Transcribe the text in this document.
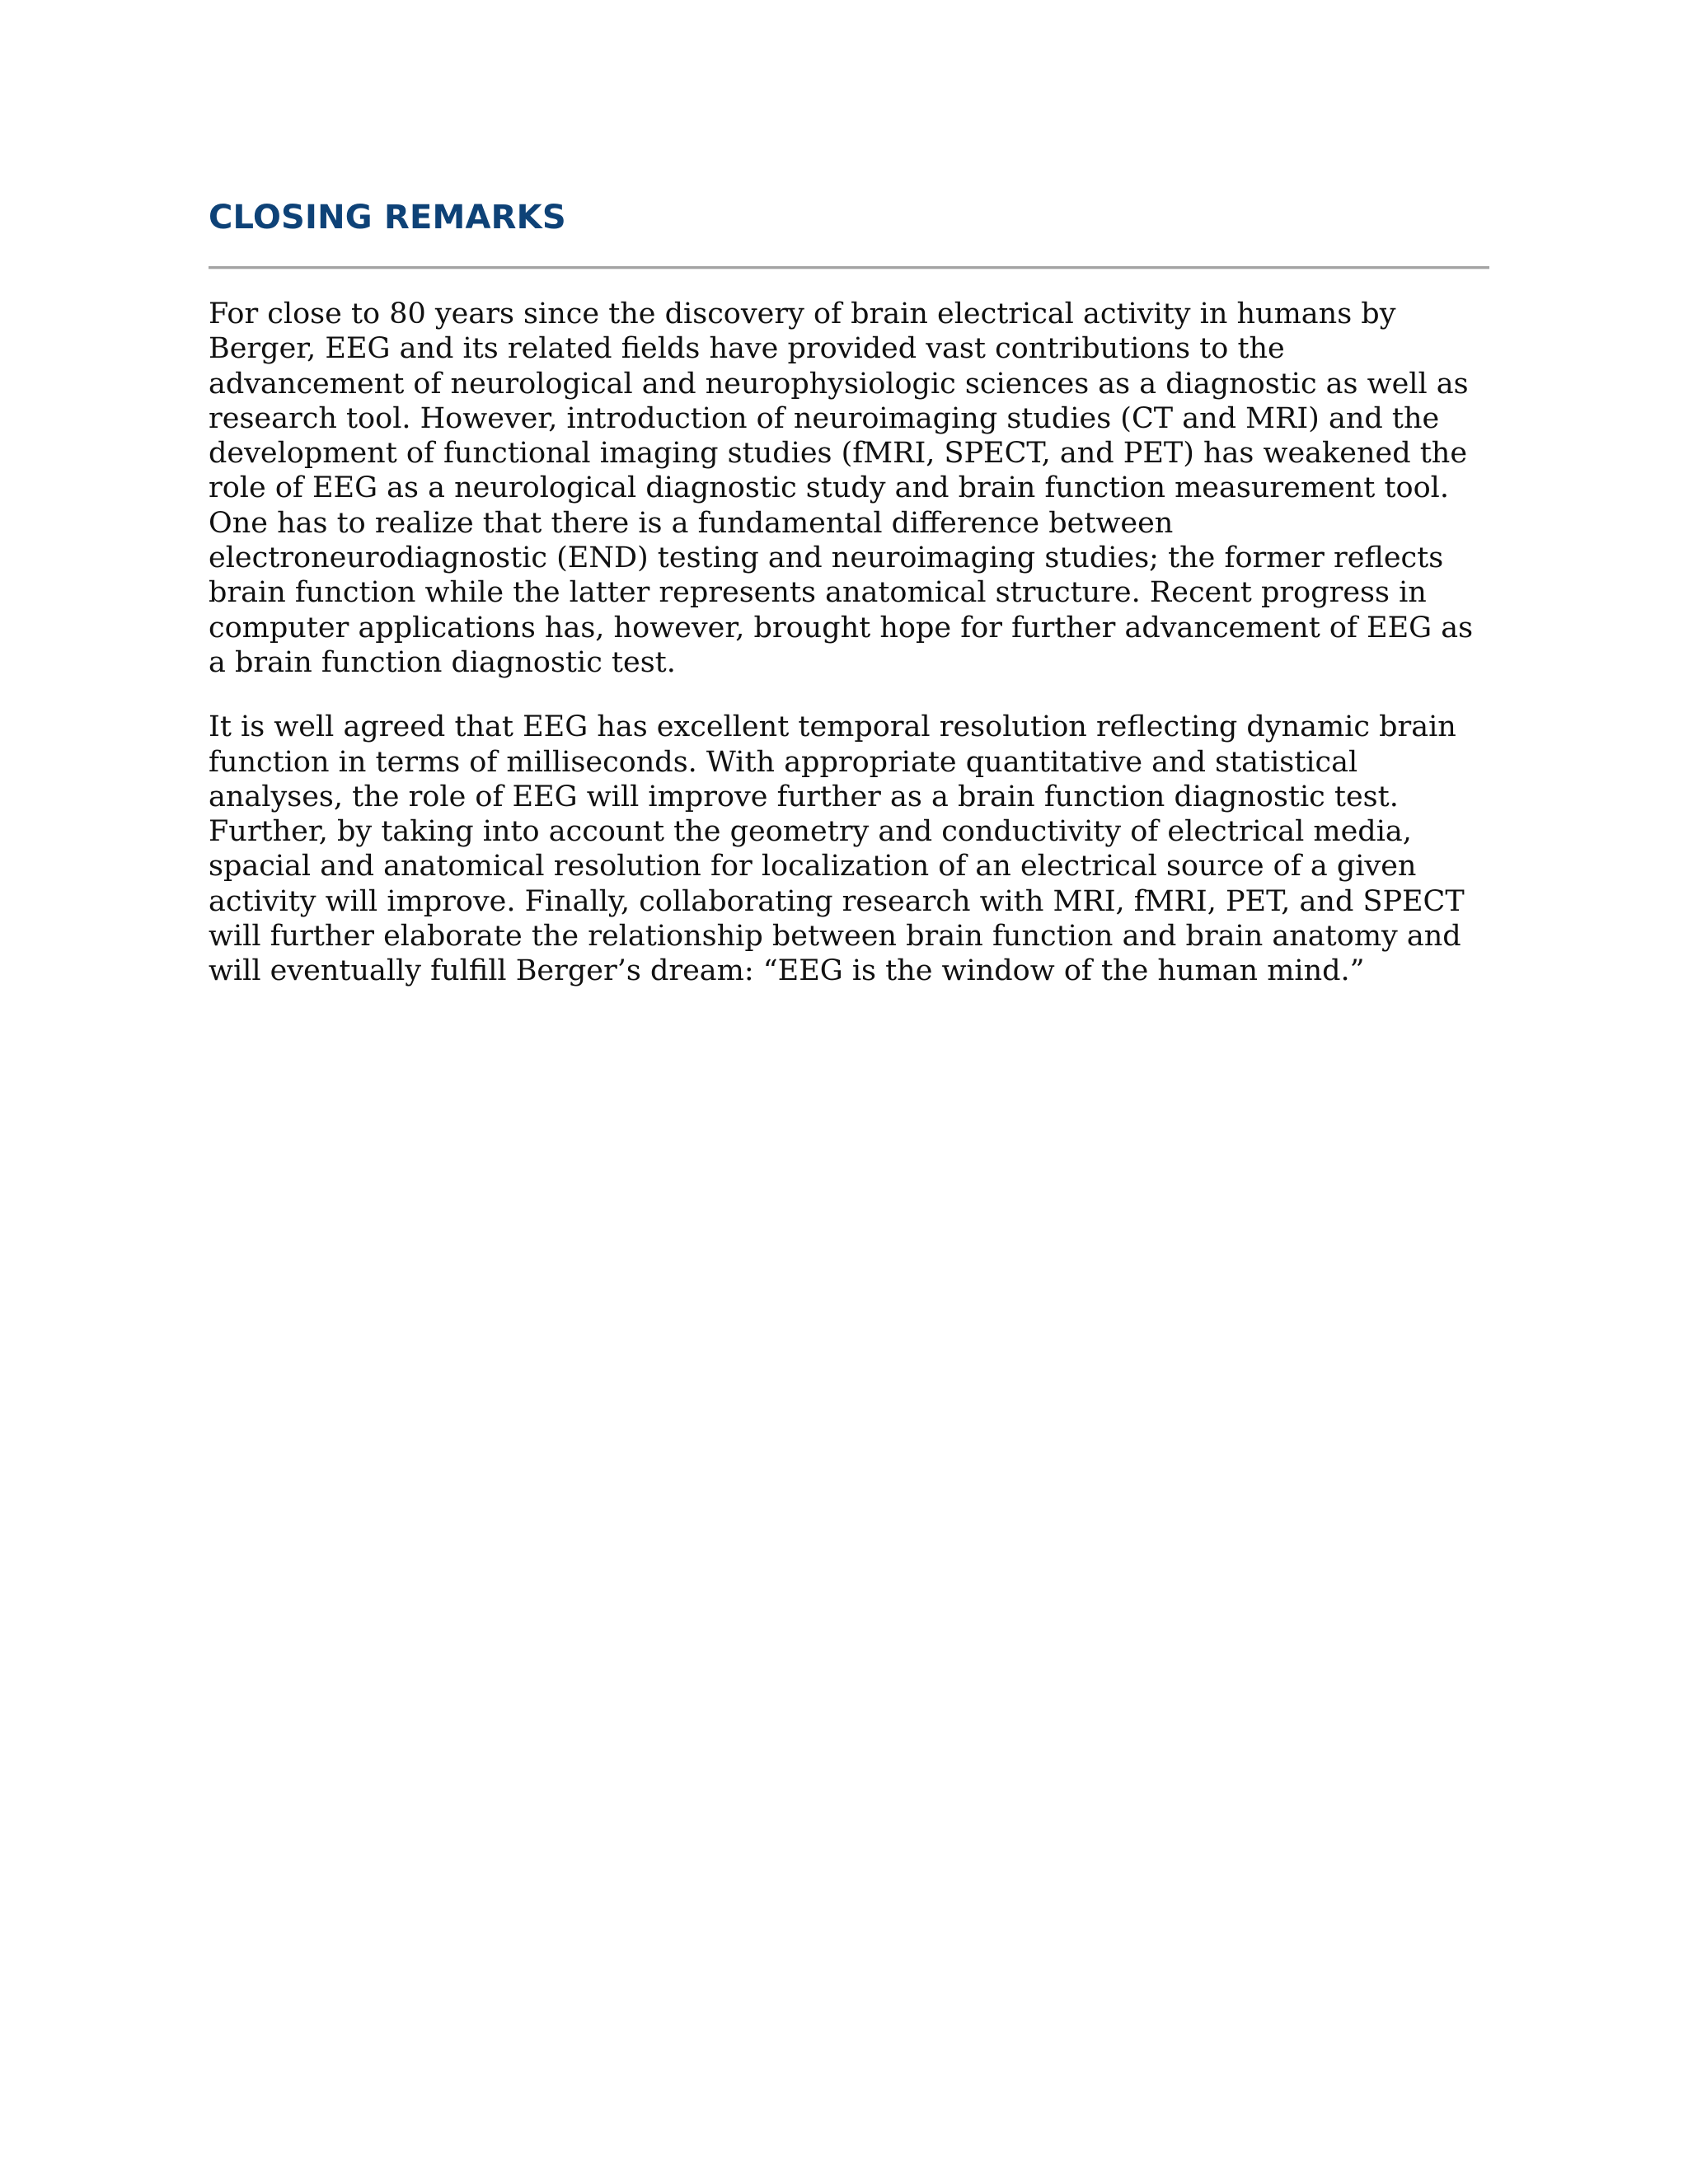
CLOSING REMARKS

For close to 80 years since the discovery of brain electrical activity in humans by Berger, EEG and its related fields have provided vast contributions to the advancement of neurological and neurophysiologic sciences as a diagnostic as well as research tool. However, introduction of neuroimaging studies (CT and MRI) and the development of functional imaging studies (fMRI, SPECT, and PET) has weakened the role of EEG as a neurological diagnostic study and brain function measurement tool. One has to realize that there is a fundamental difference between electroneurodiagnostic (END) testing and neuroimaging studies; the former reflects brain function while the latter represents anatomical structure. Recent progress in computer applications has, however, brought hope for further advancement of EEG as a brain function diagnostic test.

It is well agreed that EEG has excellent temporal resolution reflecting dynamic brain function in terms of milliseconds. With appropriate quantitative and statistical analyses, the role of EEG will improve further as a brain function diagnostic test. Further, by taking into account the geometry and conductivity of electrical media, spacial and anatomical resolution for localization of an electrical source of a given activity will improve. Finally, collaborating research with MRI, fMRI, PET, and SPECT will further elaborate the relationship between brain function and brain anatomy and will eventually fulfill Berger’s dream: “EEG is the window of the human mind.”
